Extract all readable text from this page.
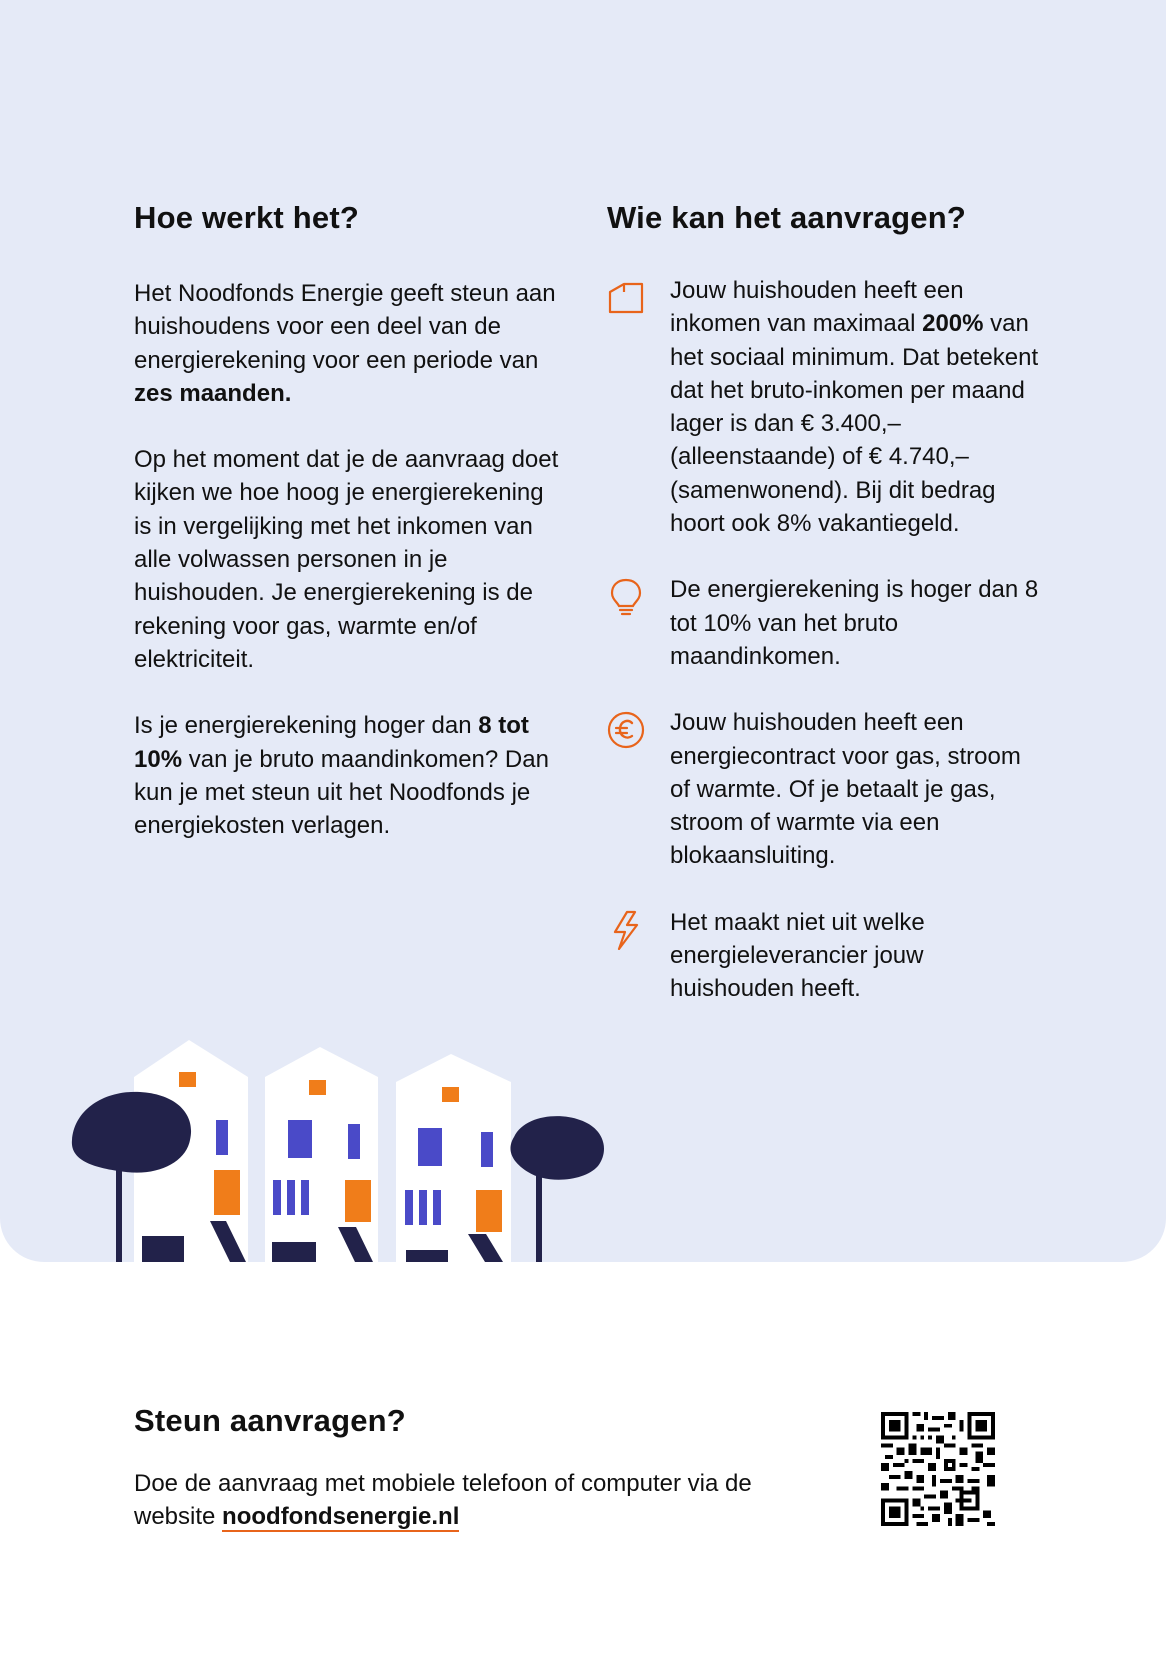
Hoe werkt het?

Het Noodfonds Energie geeft steun aan huishoudens voor een deel van de energierekening voor een periode van zes maanden.

Op het moment dat je de aanvraag doet kijken we hoe hoog je energierekening is in vergelijking met het inkomen van alle volwassen personen in je huishouden. Je energierekening is de rekening voor gas, warmte en/of elektriciteit.

Is je energierekening hoger dan 8 tot 10% van je bruto maandinkomen? Dan kun je met steun uit het Noodfonds je energiekosten verlagen.

Wie kan het aanvragen?

Jouw huishouden heeft een inkomen van maximaal 200% van het sociaal minimum. Dat betekent dat het bruto-inkomen per maand lager is dan € 3.400,– (alleenstaande) of € 4.740,– (samenwonend). Bij dit bedrag hoort ook 8% vakantiegeld.

De energierekening is hoger dan 8 tot 10% van het bruto maandinkomen.

Jouw huishouden heeft een energiecontract voor gas, stroom of warmte. Of je betaalt je gas, stroom of warmte via een blokaansluiting.

Het maakt niet uit welke energieleverancier jouw huishouden heeft.

Steun aanvragen?

Doe de aanvraag met mobiele telefoon of computer via de website noodfondsenergie.nl
